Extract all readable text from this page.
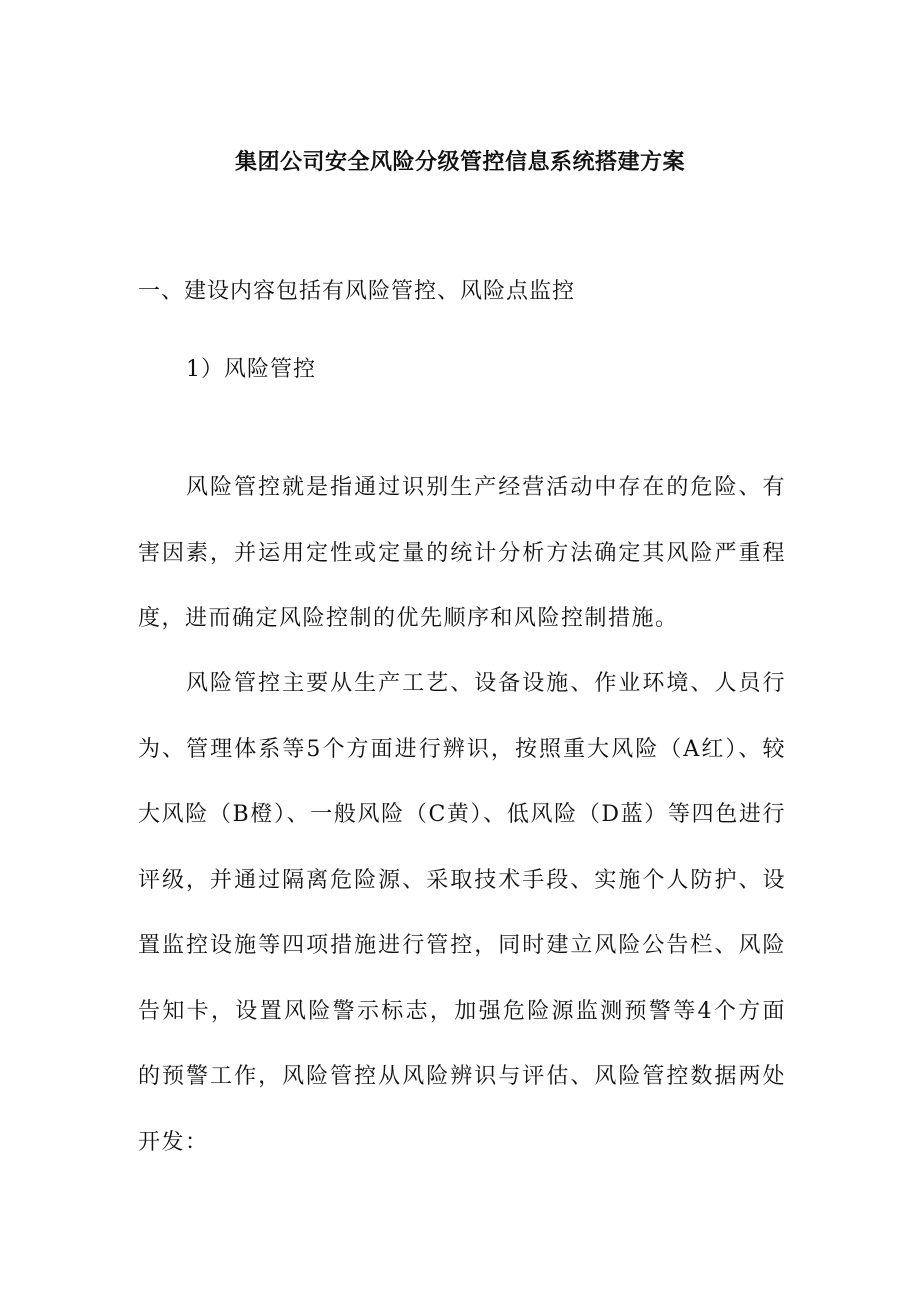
集团公司安全风险分级管控信息系统搭建方案
一、建设内容包括有风险管控、风险点监控
1）风险管控

风险管控就是指通过识别生产经营活动中存在的危险、有害因素，并运用定性或定量的统计分析方法确定其风险严重程度，进而确定风险控制的优先顺序和风险控制措施。

风险管控主要从生产工艺、设备设施、作业环境、人员行为、管理体系等5个方面进行辨识，按照重大风险（A红）、较大风险（B橙）、一般风险（C黄）、低风险（D蓝）等四色进行评级，并通过隔离危险源、采取技术手段、实施个人防护、设置监控设施等四项措施进行管控，同时建立风险公告栏、风险告知卡，设置风险警示标志，加强危险源监测预警等4个方面的预警工作，风险管控从风险辨识与评估、风险管控数据两处开发：
